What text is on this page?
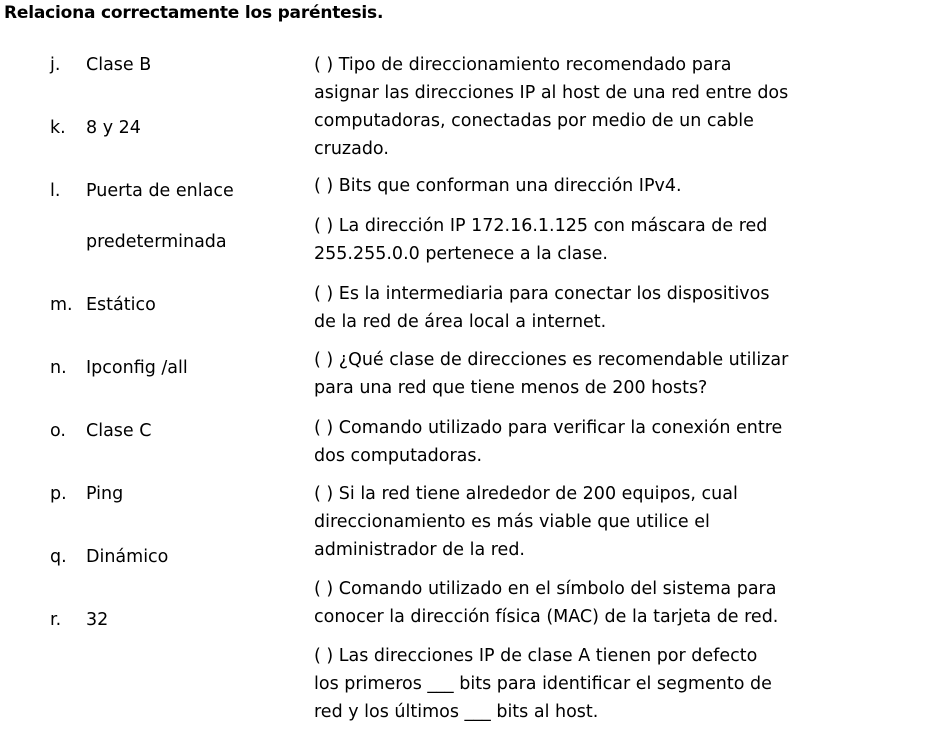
Relaciona correctamente los paréntesis.
j. Clase B
k. 8 y 24
l. Puerta de enlace
predeterminada
m. Estático
n. Ipconfig /all
o. Clase C
p. Ping
q. Dinámico
r. 32
( ) Tipo de direccionamiento recomendado para
asignar las direcciones IP al host de una red entre dos
computadoras, conectadas por medio de un cable
cruzado.
( ) Bits que conforman una dirección IPv4.
( ) La dirección IP 172.16.1.125 con máscara de red
255.255.0.0 pertenece a la clase.
( ) Es la intermediaria para conectar los dispositivos
de la red de área local a internet.
( ) ¿Qué clase de direcciones es recomendable utilizar
para una red que tiene menos de 200 hosts?
( ) Comando utilizado para verificar la conexión entre
dos computadoras.
( ) Si la red tiene alrededor de 200 equipos, cual
direccionamiento es más viable que utilice el
administrador de la red.
( ) Comando utilizado en el símbolo del sistema para
conocer la dirección física (MAC) de la tarjeta de red.
( ) Las direcciones IP de clase A tienen por defecto
los primeros ___ bits para identificar el segmento de
red y los últimos ___ bits al host.
